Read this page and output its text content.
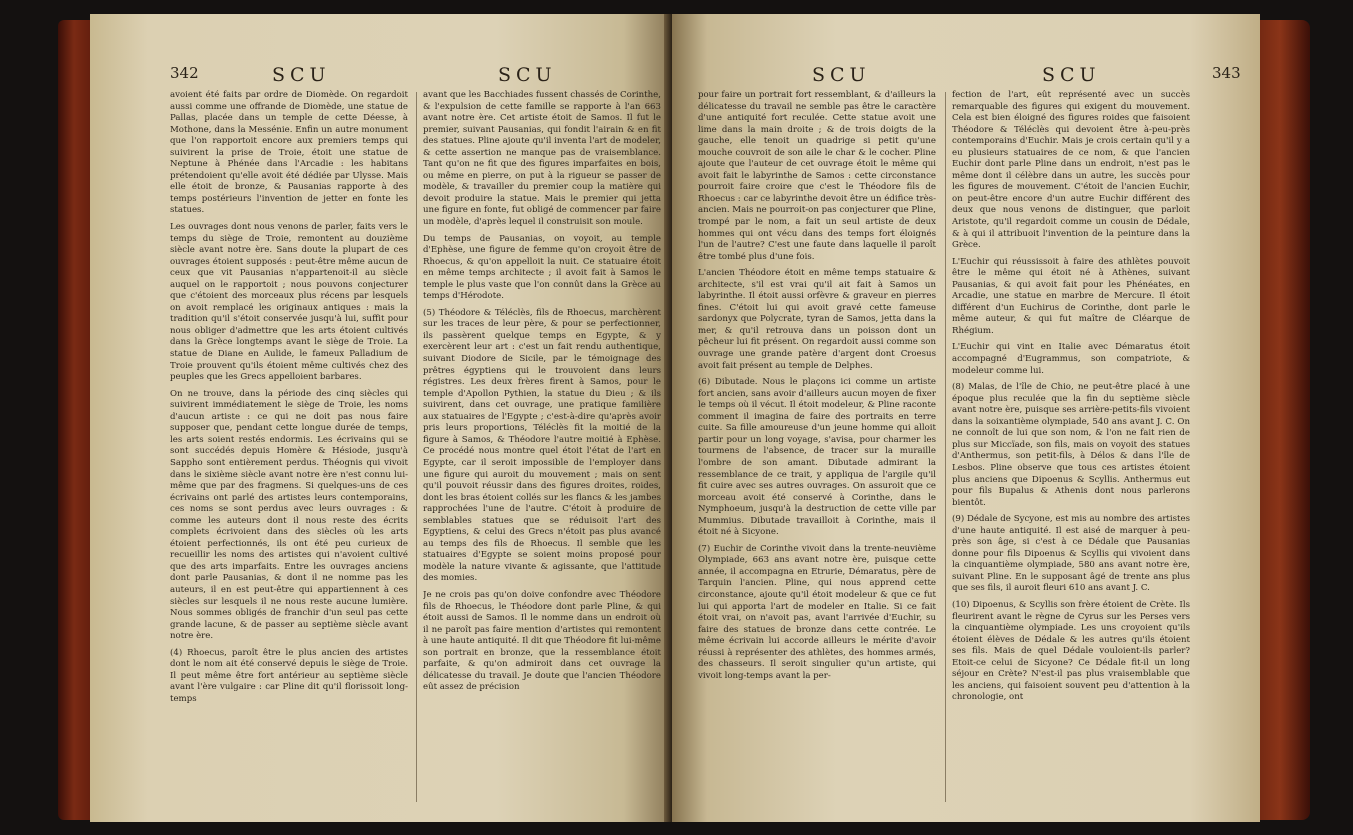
342	SCU	SCU

avoient été faits par ordre de Diomède. On regardoit aussi comme une offrande de Diomède, une statue de Pallas, placée dans un temple de cette Déesse, à Mothone, dans la Messénie. Enfin un autre monument que l'on rapportoit encore aux premiers temps qui suivirent la prise de Troie, étoit une statue de Neptune à Phénée dans l'Arcadie : les habitans prétendoient qu'elle avoit été dédiée par Ulysse. Mais elle étoit de bronze, & Pausanias rapporte à des temps postérieurs l'invention de jetter en fonte les statues.

Les ouvrages dont nous venons de parler, faits vers le temps du siège de Troie, remontent au douzième siècle avant notre ère. Sans doute la plupart de ces ouvrages étoient supposés : peut-être même aucun de ceux que vit Pausanias n'appartenoit-il au siècle auquel on le rapportoit ; nous pouvons conjecturer que c'étoient des morceaux plus récens par lesquels on avoit remplacé les originaux antiques : mais la tradition qu'il s'étoit conservée jusqu'à lui, suffit pour nous obliger d'admettre que les arts étoient cultivés dans la Grèce longtemps avant le siège de Troie. La statue de Diane en Aulide, le fameux Palladium de Troie prouvent qu'ils étoient même cultivés chez des peuples que les Grecs appelloient barbares.

On ne trouve, dans la période des cinq siècles qui suivirent immédiatement le siège de Troie, les noms d'aucun artiste : ce qui ne doit pas nous faire supposer que, pendant cette longue durée de temps, les arts soient restés endormis. Les écrivains qui se sont succédés depuis Homère & Hésiode, jusqu'à Sappho sont entièrement perdus. Théognis qui vivoit dans le sixième siècle avant notre ère n'est connu lui-même que par des fragmens. Si quelques-uns de ces écrivains ont parlé des artistes leurs contemporains, ces noms se sont perdus avec leurs ouvrages : & comme les auteurs dont il nous reste des écrits complets écrivoient dans des siècles où les arts étoient perfectionnés, ils ont été peu curieux de recueillir les noms des artistes qui n'avoient cultivé que des arts imparfaits. Entre les ouvrages anciens dont parle Pausanias, & dont il ne nomme pas les auteurs, il en est peut-être qui appartiennent à ces siècles sur lesquels il ne nous reste aucune lumière. Nous sommes obligés de franchir d'un seul pas cette grande lacune, & de passer au septième siècle avant notre ère.

(4) Rhoecus, paroît être le plus ancien des artistes dont le nom ait été conservé depuis le siège de Troie. Il peut même être fort antérieur au septième siècle avant l'ère vulgaire : car Pline dit qu'il florissoit long-temps

avant que les Bacchiades fussent chassés de Corinthe, & l'expulsion de cette famille se rapporte à l'an 663 avant notre ère. Cet artiste étoit de Samos. Il fut le premier, suivant Pausanias, qui fondit l'airain & en fit des statues. Pline ajoute qu'il inventa l'art de modeler, & cette assertion ne manque pas de vraisemblance. Tant qu'on ne fit que des figures imparfaites en bois, ou même en pierre, on put à la rigueur se passer de modèle, & travailler du premier coup la matière qui devoit produire la statue. Mais le premier qui jetta une figure en fonte, fut obligé de commencer par faire un modèle, d'après lequel il construisit son moule.

Du temps de Pausanias, on voyoit, au temple d'Ephèse, une figure de femme qu'on croyoit être de Rhoecus, & qu'on appelloit la nuit. Ce statuaire étoit en même temps architecte ; il avoit fait à Samos le temple le plus vaste que l'on connût dans la Grèce au temps d'Hérodote.

(5) Théodore & Téléclès, fils de Rhoecus, marchèrent sur les traces de leur père, & pour se perfectionner, ils passèrent quelque temps en Egypte, & y exercèrent leur art : c'est un fait rendu authentique, suivant Diodore de Sicile, par le témoignage des prêtres égyptiens qui le trouvoient dans leurs régistres. Les deux frères firent à Samos, pour le temple d'Apollon Pythien, la statue du Dieu ; & ils suivirent, dans cet ouvrage, une pratique familière aux statuaires de l'Egypte ; c'est-à-dire qu'après avoir pris leurs proportions, Téléclès fit la moitié de la figure à Samos, & Théodore l'autre moitié à Ephèse. Ce procédé nous montre quel étoit l'état de l'art en Egypte, car il seroit impossible de l'employer dans une figure qui auroit du mouvement ; mais on sent qu'il pouvoit réussir dans des figures droites, roides, dont les bras étoient collés sur les flancs & les jambes rapprochées l'une de l'autre. C'étoit à produire de semblables statues que se réduisoit l'art des Egyptiens, & celui des Grecs n'étoit pas plus avancé au temps des fils de Rhoecus. Il semble que les statuaires d'Egypte se soient moins proposé pour modèle la nature vivante & agissante, que l'attitude des momies.

Je ne crois pas qu'on doive confondre avec Théodore fils de Rhoecus, le Théodore dont parle Pline, & qui étoit aussi de Samos. Il le nomme dans un endroit où il ne paroît pas faire mention d'artistes qui remontent à une haute antiquité. Il dit que Théodore fit lui-même son portrait en bronze, que la ressemblance étoit parfaite, & qu'on admiroit dans cet ouvrage la délicatesse du travail. Je doute que l'ancien Théodore eût assez de précision

SCU	SCU	343

pour faire un portrait fort ressemblant, & d'ailleurs la délicatesse du travail ne semble pas être le caractère d'une antiquité fort reculée. Cette statue avoit une lime dans la main droite ; & de trois doigts de la gauche, elle tenoit un quadrige si petit qu'une mouche couvroit de son aile le char & le cocher. Pline ajoute que l'auteur de cet ouvrage étoit le même qui avoit fait le labyrinthe de Samos : cette circonstance pourroit faire croire que c'est le Théodore fils de Rhoecus : car ce labyrinthe devoit être un édifice très-ancien. Mais ne pourroit-on pas conjecturer que Pline, trompé par le nom, a fait un seul artiste de deux hommes qui ont vécu dans des temps fort éloignés l'un de l'autre? C'est une faute dans laquelle il paroît être tombé plus d'une fois.

L'ancien Théodore étoit en même temps statuaire & architecte, s'il est vrai qu'il ait fait à Samos un labyrinthe. Il étoit aussi orfèvre & graveur en pierres fines. C'étoit lui qui avoit gravé cette fameuse sardonyx que Polycrate, tyran de Samos, jetta dans la mer, & qu'il retrouva dans un poisson dont un pêcheur lui fit présent. On regardoit aussi comme son ouvrage une grande patère d'argent dont Croesus avoit fait présent au temple de Delphes.

(6) Dibutade. Nous le plaçons ici comme un artiste fort ancien, sans avoir d'ailleurs aucun moyen de fixer le temps où il vécut. Il étoit modeleur, & Pline raconte comment il imagina de faire des portraits en terre cuite. Sa fille amoureuse d'un jeune homme qui alloit partir pour un long voyage, s'avisa, pour charmer les tourmens de l'absence, de tracer sur la muraille l'ombre de son amant. Dibutade admirant la ressemblance de ce trait, y appliqua de l'argile qu'il fit cuire avec ses autres ouvrages. On assuroit que ce morceau avoit été conservé à Corinthe, dans le Nymphoeum, jusqu'à la destruction de cette ville par Mummius. Dibutade travailloit à Corinthe, mais il étoit né à Sicyone.

(7) Euchir de Corinthe vivoit dans la trente-neuvième Olympiade, 663 ans avant notre ère, puisque cette année, il accompagna en Etrurie, Démaratus, père de Tarquin l'ancien. Pline, qui nous apprend cette circonstance, ajoute qu'il étoit modeleur & que ce fut lui qui apporta l'art de modeler en Italie. Si ce fait étoit vrai, on n'avoit pas, avant l'arrivée d'Euchir, su faire des statues de bronze dans cette contrée. Le même écrivain lui accorde ailleurs le mérite d'avoir réussi à représenter des athlètes, des hommes armés, des chasseurs. Il seroit singulier qu'un artiste, qui vivoit long-temps avant la per-

fection de l'art, eût représenté avec un succès remarquable des figures qui exigent du mouvement. Cela est bien éloigné des figures roides que faisoient Théodore & Téléclès qui devoient être à-peu-près contemporains d'Euchir. Mais je crois certain qu'il y a eu plusieurs statuaires de ce nom, & que l'ancien Euchir dont parle Pline dans un endroit, n'est pas le même dont il célèbre dans un autre, les succès pour les figures de mouvement. C'étoit de l'ancien Euchir, on peut-être encore d'un autre Euchir différent des deux que nous venons de distinguer, que parloit Aristote, qu'il regardoit comme un cousin de Dédale, & à qui il attribuoit l'invention de la peinture dans la Grèce.

L'Euchir qui réussissoit à faire des athlètes pouvoit être le même qui étoit né à Athènes, suivant Pausanias, & qui avoit fait pour les Phénéates, en Arcadie, une statue en marbre de Mercure. Il étoit différent d'un Euchirus de Corinthe, dont parle le même auteur, & qui fut maître de Cléarque de Rhégium.

L'Euchir qui vint en Italie avec Démaratus étoit accompagné d'Eugrammus, son compatriote, & modeleur comme lui.

(8) Malas, de l'île de Chio, ne peut-être placé à une époque plus reculée que la fin du septième siècle avant notre ère, puisque ses arrière-petits-fils vivoient dans la soixantième olympiade, 540 ans avant J. C. On ne connoît de lui que son nom, & l'on ne fait rien de plus sur Miccïade, son fils, mais on voyoit des statues d'Anthermus, son petit-fils, à Délos & dans l'île de Lesbos. Pline observe que tous ces artistes étoient plus anciens que Dipoenus & Scyllis. Anthermus eut pour fils Bupalus & Athenis dont nous parlerons bientôt.

(9) Dédale de Sycyone, est mis au nombre des artistes d'une haute antiquité. Il est aisé de marquer à peu-près son âge, si c'est à ce Dédale que Pausanias donne pour fils Dipoenus & Scyllis qui vivoient dans la cinquantième olympiade, 580 ans avant notre ère, suivant Pline. En le supposant âgé de trente ans plus que ses fils, il auroit fleuri 610 ans avant J. C.

(10) Dipoenus, & Scyllis son frère étoient de Crète. Ils fleurirent avant le règne de Cyrus sur les Perses vers la cinquantième olympiade. Les uns croyoient qu'ils étoient élèves de Dédale & les autres qu'ils étoient ses fils. Mais de quel Dédale vouloient-ils parler? Etoit-ce celui de Sicyone? Ce Dédale fit-il un long séjour en Crète? N'est-il pas plus vraisemblable que les anciens, qui faisoient souvent peu d'attention à la chronologie, ont
